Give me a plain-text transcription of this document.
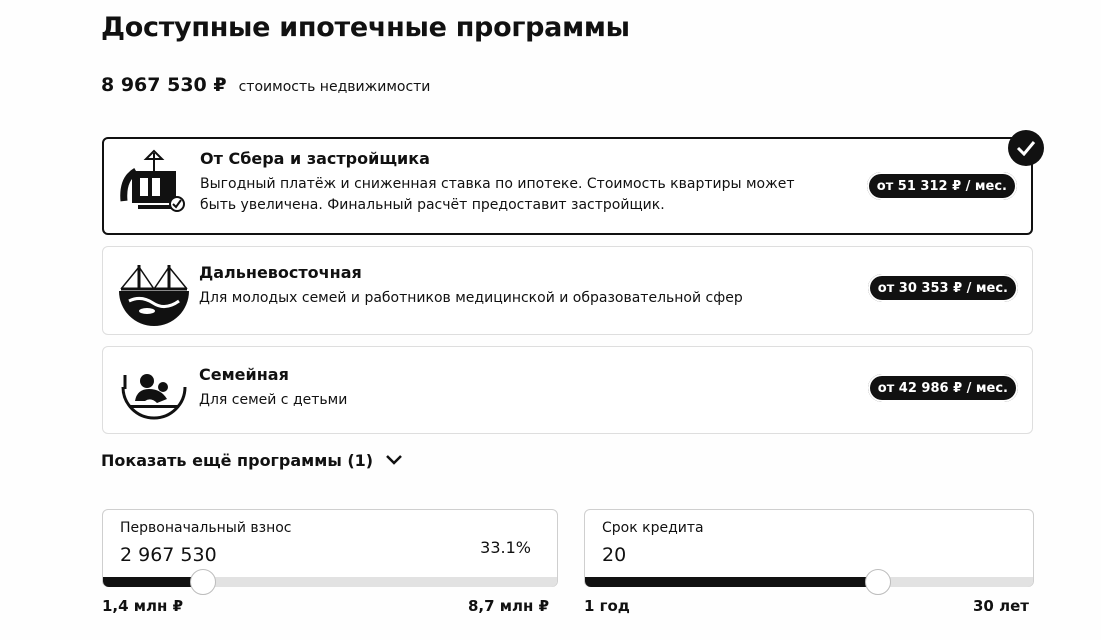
Доступные ипотечные программы
8 967 530 ₽ стоимость недвижимости
От Сбера и застройщика
Выгодный платёж и сниженная ставка по ипотеке. Стоимость квартиры может быть увеличена. Финальный расчёт предоставит застройщик.
от 51 312 ₽ / мес.
Дальневосточная
Для молодых семей и работников медицинской и образовательной сфер
от 30 353 ₽ / мес.
Семейная
Для семей с детьми
от 42 986 ₽ / мес.
Показать ещё программы (1)
Первоначальный взнос
2 967 530	33.1%
1,4 млн ₽	8,7 млн ₽
Срок кредита
20
1 год	30 лет
